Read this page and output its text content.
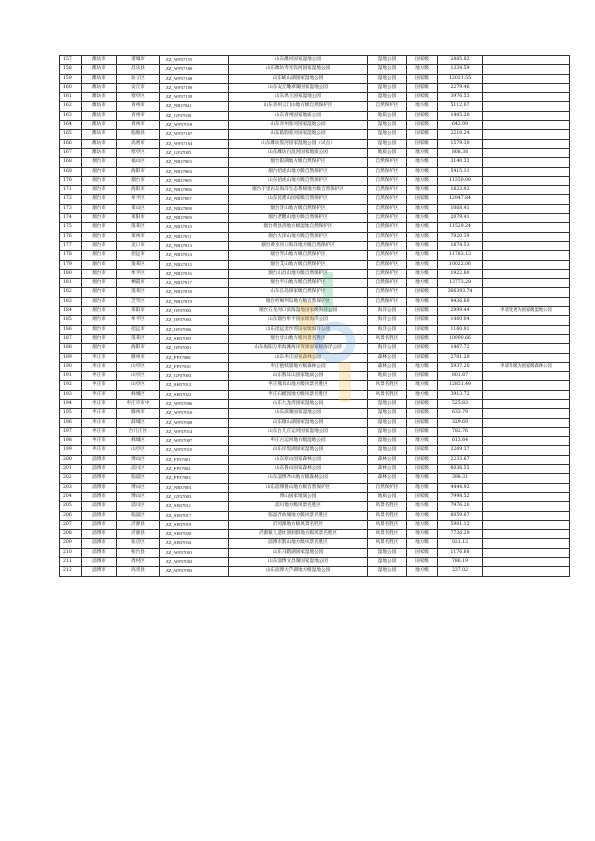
157	潍坊市	诸城市	ZZ_WP37155	山东潍河国家湿地公园	湿地公园	国家级	2885.02	
158	潍坊市	昌乐县	ZZ_WP37160	山东潍坊寿光弥河国家湿地公园	湿地公园	地方级	1334.59	
159	潍坊市	坊子区	ZZ_WP37168	山东峡山湖国家湿地公园	湿地公园	国家级	12021.55	
160	潍坊市	安丘市	ZZ_WP37169	山东安丘雕翠湖国家湿地公园	湿地公园	国家级	2279.46	
161	潍坊市	寒亭区	ZZ_WP37159	山东禹王国家湿地公园	湿地公园	国家级	3976.53	
162	潍坊市	青州市	ZZ_NR37041	山东青州云门山地方级自然保护区	自然保护区	地方级	5112.07	
163	潍坊市	青州市	ZZ_GP37030	山东青州国家地质公园	地质公园	国家级	1405.20	
164	潍坊市	青州市	ZZ_WP37018	山东青州弥河国家湿地公园	湿地公园	国家级	642.99	
165	潍坊市	临朐县	ZZ_WP37167	山东临朐弥河国家湿地公园	湿地公园	国家级	2219.24	
166	潍坊市	高密市	ZZ_WP37164	山东潍坊胶河国家湿地公园（试点）	湿地公园	国家级	1579.30	
167	潍坊市	寒亭区	ZZ_GP37005	山东潍坊白浪河国家地质公园	地质公园	地方级	808.38	
168	烟台市	福山区	ZZ_NR37003	烟台银湖地方级自然保护区	自然保护区	地方级	3140.32	
169	烟台市	海阳市	ZZ_NR37004	烟台招虎山地方级自然保护区	自然保护区	地方级	5415.11	
170	烟台市	烟台市	ZZ_NR37005	山东招虎山地方级自然保护区	自然保护区	地方级	11350.00	
171	烟台市	海阳市	ZZ_NR37006	烟台千里岩岛海洋生态系统地方级自然保护区	自然保护区	地方级	1822.92	
172	烟台市	牟平区	ZZ_NR37007	山东昆嵛山国家级自然保护区	自然保护区	国家级	12947.84	
173	烟台市	莱山区	ZZ_NR37008	烟台牙山地方级自然保护区	自然保护区	地方级	1068.41	
174	烟台市	莱阳市	ZZ_NR37009	烟台老鹳山地方级自然保护区	自然保护区	地方级	2079.41	
175	烟台市	蓬莱区	ZZ_NR37010	烟台黄县湾地方级湿地自然保护区	自然保护区	地方级	11529.24	
176	烟台市	莱州市	ZZ_NR37011	烟台大泽山地方级自然保护区	自然保护区	地方级	7920.39	
177	烟台市	龙口市	ZZ_NR37013	烟台黄水河口海洋地方级自然保护区	自然保护区	地方级	1874.53	
178	烟台市	招远市	ZZ_NR37014	烟台罗山地方级自然保护区	自然保护区	地方级	11783.13	
179	烟台市	蓬莱区	ZZ_NR37015	烟台艾山地方级自然保护区	自然保护区	地方级	10022.06	
180	烟台市	牟平区	ZZ_NR37016	烟台山昌山地方级自然保护区	自然保护区	地方级	1922.80	
181	烟台市	栖霞市	ZZ_NR37017	烟台平山地方级自然保护区	自然保护区	地方级	13773.28	
182	烟台市	蓬莱区	ZZ_NR37018	山东长岛国家级自然保护区	自然保护区	国家级	366393.74	
183	烟台市	芝罘区	ZZ_NR37019	烟台崆峒列岛地方级自然保护区	自然保护区	地方级	9436.60	
184	烟台市	莱阳市	ZZ_OP37003	烟台五龙河口滨海湿地国家级海洋公园	海洋公园	国家级	2999.44	申请变更为国家级湿地公园
185	烟台市	牟平区	ZZ_OP37004	山东烟台牟平国家级海洋公园	海洋公园	国家级	1460.04	
186	烟台市	招远市	ZZ_OP37006	山东招远金沙湾国家级海洋公园	海洋公园	国家级	1160.91	
187	烟台市	蓬莱区	ZZ_SH37005	烟台牙山地方级风景名胜区	风景名胜区	国家级	10990.66	
188	烟台市	海阳市	ZZ_OP37001	山东海阳万米海滩海洋资源国家级海洋公园	海洋公园	国家级	1467.72	
189	枣庄市	滕州市	ZZ_FP37008	山东枣庄国家森林公园	森林公园	国家级	2701.20	
190	枣庄市	山亭区	ZZ_FP37010	枣庄抱犊崮地方级森林公园	森林公园	地方级	5937.20	申请升级为国家级森林公园
191	枣庄市	山亭区	ZZ_GP37003	山东熊耳山国家地质公园	地质公园	国家级	801.87	
192	枣庄市	山亭区	ZZ_SH37012	枣庄熊耳山地方级风景名胜区	风景名胜区	地方级	12851.49	
193	枣庄市	峄城区	ZZ_SH37022	枣庄石榴园地方级风景名胜区	风景名胜区	地方级	3913.72	
194	枣庄市	枣庄市市中	ZZ_WP37006	山东九龙湾国家湿地公园	湿地公园	国家级	525.83	
195	枣庄市	滕州市	ZZ_WP37010	山东滨湖国家湿地公园	湿地公园	国家级	633.79	
196	枣庄市	薛城区	ZZ_WP37008	山东微山湖国家湿地公园	湿地公园	国家级	329.69	
197	枣庄市	台儿庄区	ZZ_WP37014	山东台儿庄运河国家湿地公园	湿地公园	国家级	782.76	
198	枣庄市	峄城区	ZZ_WP37007	枣庄古运河地方级湿地公园	湿地公园	地方级	613.64	
199	枣庄市	山亭区	ZZ_WP37015	山东岸堤湖国家湿地公园	湿地公园	国家级	2269.37	
200	淄博市	博山区	ZZ_FP37001	山东原山国家森林公园	森林公园	国家级	2233.67	
201	淄博市	淄川区	ZZ_FP37002	山东鲁山国家森林公园	森林公园	国家级	6036.55	
202	淄博市	临淄区	ZZ_FP37003	山东淄博齐山地方级森林公园	森林公园	地方级	398.31	
203	淄博市	博山区	ZZ_NR37001	山东淄博鲁山地方级自然保护区	自然保护区	地方级	4444.92	
204	淄博市	博山区	ZZ_GP37003	博山国家地质公园	地质公园	国家级	7998.52	
205	淄博市	淄川区	ZZ_SH37011	淄川地方级风景名胜区	风景名胜区	地方级	7976.20	
206	淄博市	临淄区	ZZ_SH37017	临淄齐故城地方级风景名胜区	风景名胜区	地方级	6059.07	
207	淄博市	沂源县	ZZ_SH37019	沂河源地方级风景名胜区	风景名胜区	地方级	5901.12	
208	淄博市	沂源县	ZZ_SH37020	沂源猿人遗址溶洞群地方级风景名胜区	风景名胜区	地方级	7726.29	
209	淄博市	张店区	ZZ_SH37034	淄博市鹊山地方级风景名胜区	风景名胜区	地方级	921.13	
210	淄博市	桓台县	ZZ_WP37001	山东马踏湖国家湿地公园	湿地公园	国家级	1176.68	
211	淄博市	周村区	ZZ_WP37002	山东淄博文昌湖国家湿地公园	湿地公园	国家级	786.19	
212	淄博市	高青县	ZZ_WP37003	山东淄博大芦湖地方级湿地公园	湿地公园	地方级	237.02	
